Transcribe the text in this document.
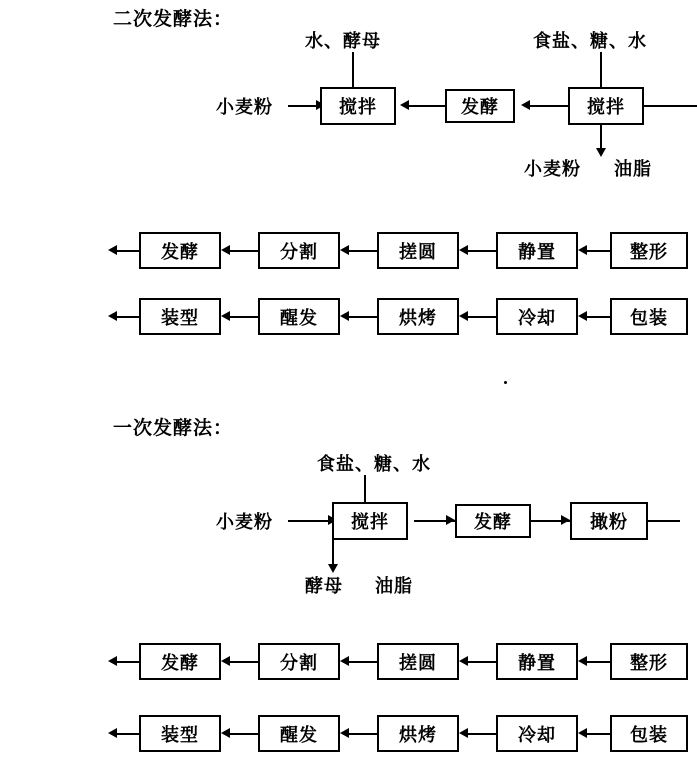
二次发酵法：
水、酵母	食盐、糖、水
小麦粉	搅拌	发酵	搅拌
小麦粉 油脂
发酵	分割	搓圆	静置	整形
装型	醒发	烘烤	冷却	包装
一次发酵法：
食盐、糖、水
小麦粉	搅拌	发酵	撖粉
酵母 油脂
发酵	分割	搓圆	静置	整形
装型	醒发	烘烤	冷却	包装
